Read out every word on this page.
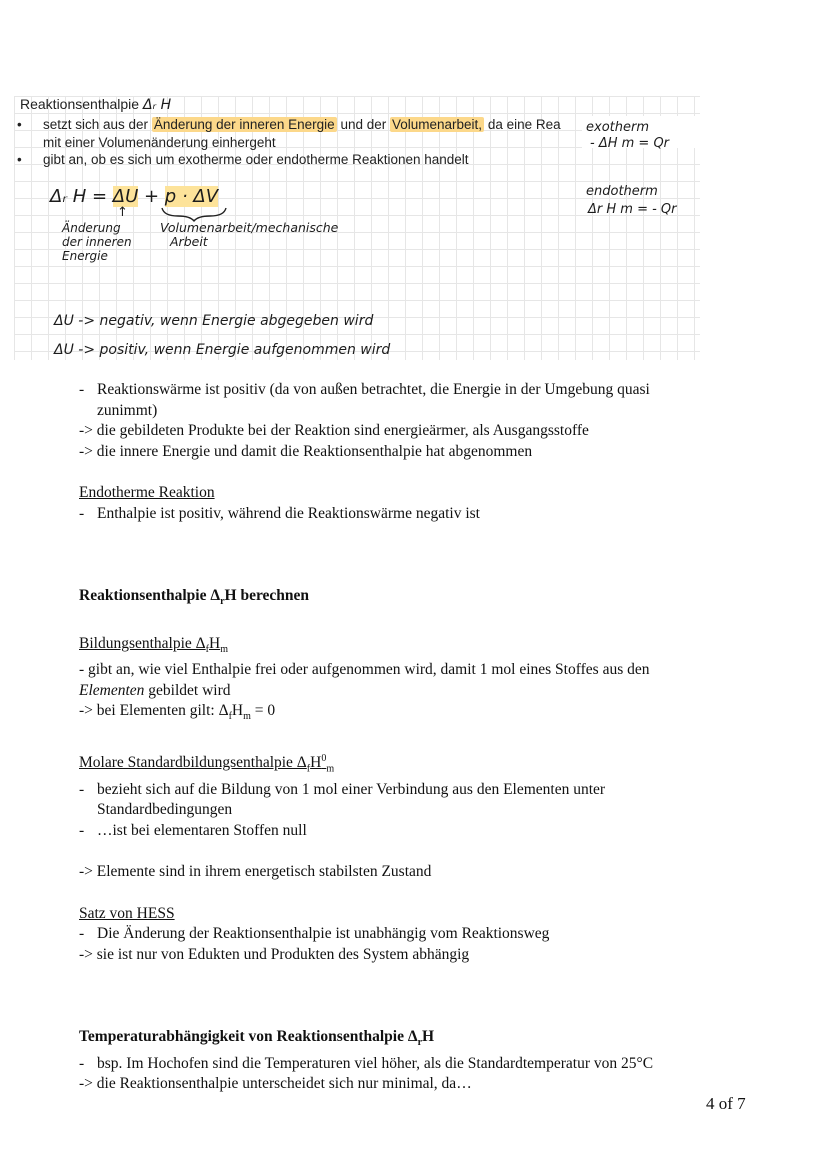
Reaktionsenthalpie Δᵣ H
• setzt sich aus der Änderung der inneren Energie und der Volumenarbeit, da eine Rea
mit einer Volumenänderung einhergeht
• gibt an, ob es sich um exotherme oder endotherme Reaktionen handelt
exotherm
- ΔH m = Qr
endotherm
Δr H m = - Qr
Δᵣ H = ΔU + p · ΔV
↑
Änderung
der inneren
Energie
Volumenarbeit/mechanische
Arbeit
ΔU -> negativ, wenn Energie abgegeben wird
ΔU -> positiv, wenn Energie aufgenommen wird
- Reaktionswärme ist positiv (da von außen betrachtet, die Energie in der Umgebung quasi
zunimmt)
-> die gebildeten Produkte bei der Reaktion sind energieärmer, als Ausgangsstoffe
-> die innere Energie und damit die Reaktionsenthalpie hat abgenommen
Endotherme Reaktion
- Enthalpie ist positiv, während die Reaktionswärme negativ ist
Reaktionsenthalpie $\Delta_rH$ berechnen
Bildungsenthalpie $\Delta_fH_m$
- gibt an, wie viel Enthalpie frei oder aufgenommen wird, damit 1 mol eines Stoffes aus den
Elementen gebildet wird
-> bei Elementen gilt: $\Delta_fH_m = 0$
Molare Standardbildungsenthalpie $\Delta_fH^0_m$
- bezieht sich auf die Bildung von 1 mol einer Verbindung aus den Elementen unter
Standardbedingungen
- …ist bei elementaren Stoffen null
-> Elemente sind in ihrem energetisch stabilsten Zustand
Satz von HESS
- Die Änderung der Reaktionsenthalpie ist unabhängig vom Reaktionsweg
-> sie ist nur von Edukten und Produkten des System abhängig
Temperaturabhängigkeit von Reaktionsenthalpie $\Delta_rH$
- bsp. Im Hochofen sind die Temperaturen viel höher, als die Standardtemperatur von 25°C
-> die Reaktionsenthalpie unterscheidet sich nur minimal, da…
4 of 7
